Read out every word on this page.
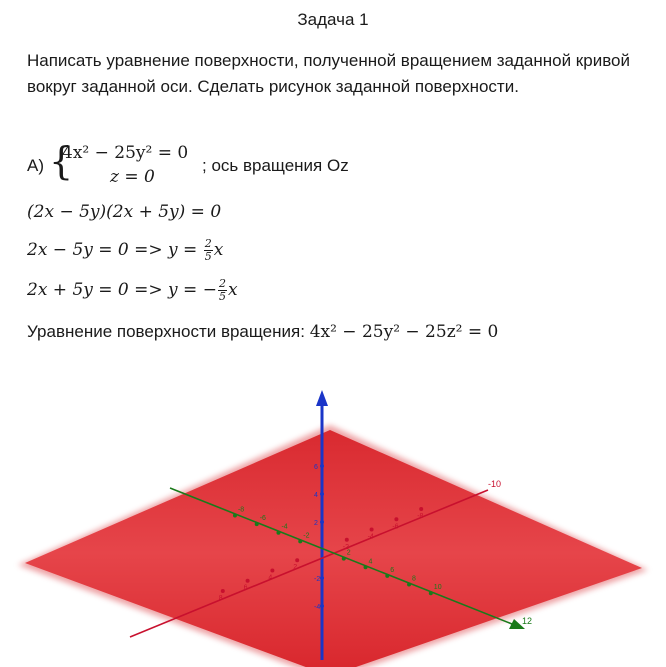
Задача 1
Написать уравнение поверхности, полученной вращением заданной кривой вокруг заданной оси. Сделать рисунок заданной поверхности.
А) {
4x² − 25y² = 0
z = 0
; ось вращения Oz
(2x − 5y)(2x + 5y) = 0
$2x - 5y = 0 => y = \frac{2}{5}$ x
2x + 5y = 0 => y = − $\frac{2}{5}$ x
Уравнение поверхности вращения: 4x² − 25y² − 25z² = 0
-10
12
6
4
2
-2
-4
8
6
4
2
-2
-4
-6
-8
-8
-6
-4
-2
2
4
6
8
10
